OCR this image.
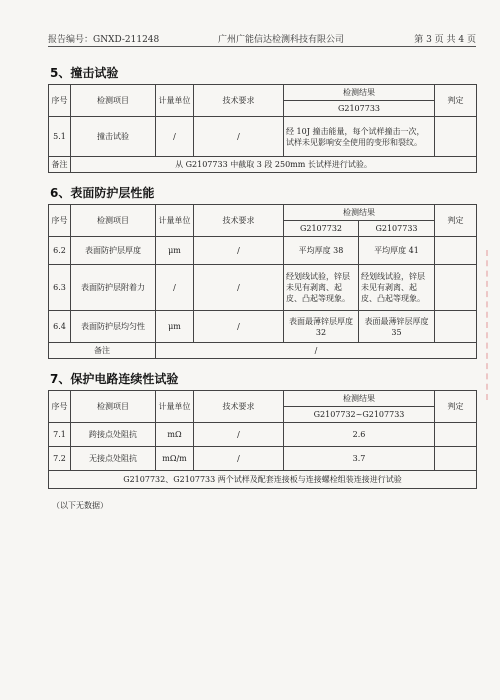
报告编号：GNXD-211248	广州广能信达检测科技有限公司	第 3 页 共 4 页
5、撞击试验
序号	检测项目	计量单位	技术要求	检测结果	判定
				G2107733	
5.1	撞击试验	/	/	经 10J 撞击能量，每个试样撞击一次，试样未见影响安全使用的变形和裂纹。	
备注	从 G2107733 中截取 3 段 250mm 长试样进行试验。				
6、表面防护层性能
序号	检测项目	计量单位	技术要求	检测结果		判定
				G2107732	G2107733	
6.2	表面防护层厚度	μm	/	平均厚度 38	平均厚度 41	
6.3	表面防护层附着力	/	/	经划线试验，锌层未见有剥离、起皮、凸起等现象。	经划线试验，锌层未见有剥离、起皮、凸起等现象。	
6.4	表面防护层均匀性	μm	/	表面最薄锌层厚度 32	表面最薄锌层厚度 35	
备注		/				
7、保护电路连续性试验
序号	检测项目	计量单位	技术要求	检测结果	判定
				G2107732~G2107733	
7.1	跨接点处阻抗	mΩ	/	2.6	
7.2	无接点处阻抗	mΩ/m	/	3.7	
G2107732、G2107733 两个试样及配套连接板与连接螺栓组装连接进行试验					
（以下无数据）
